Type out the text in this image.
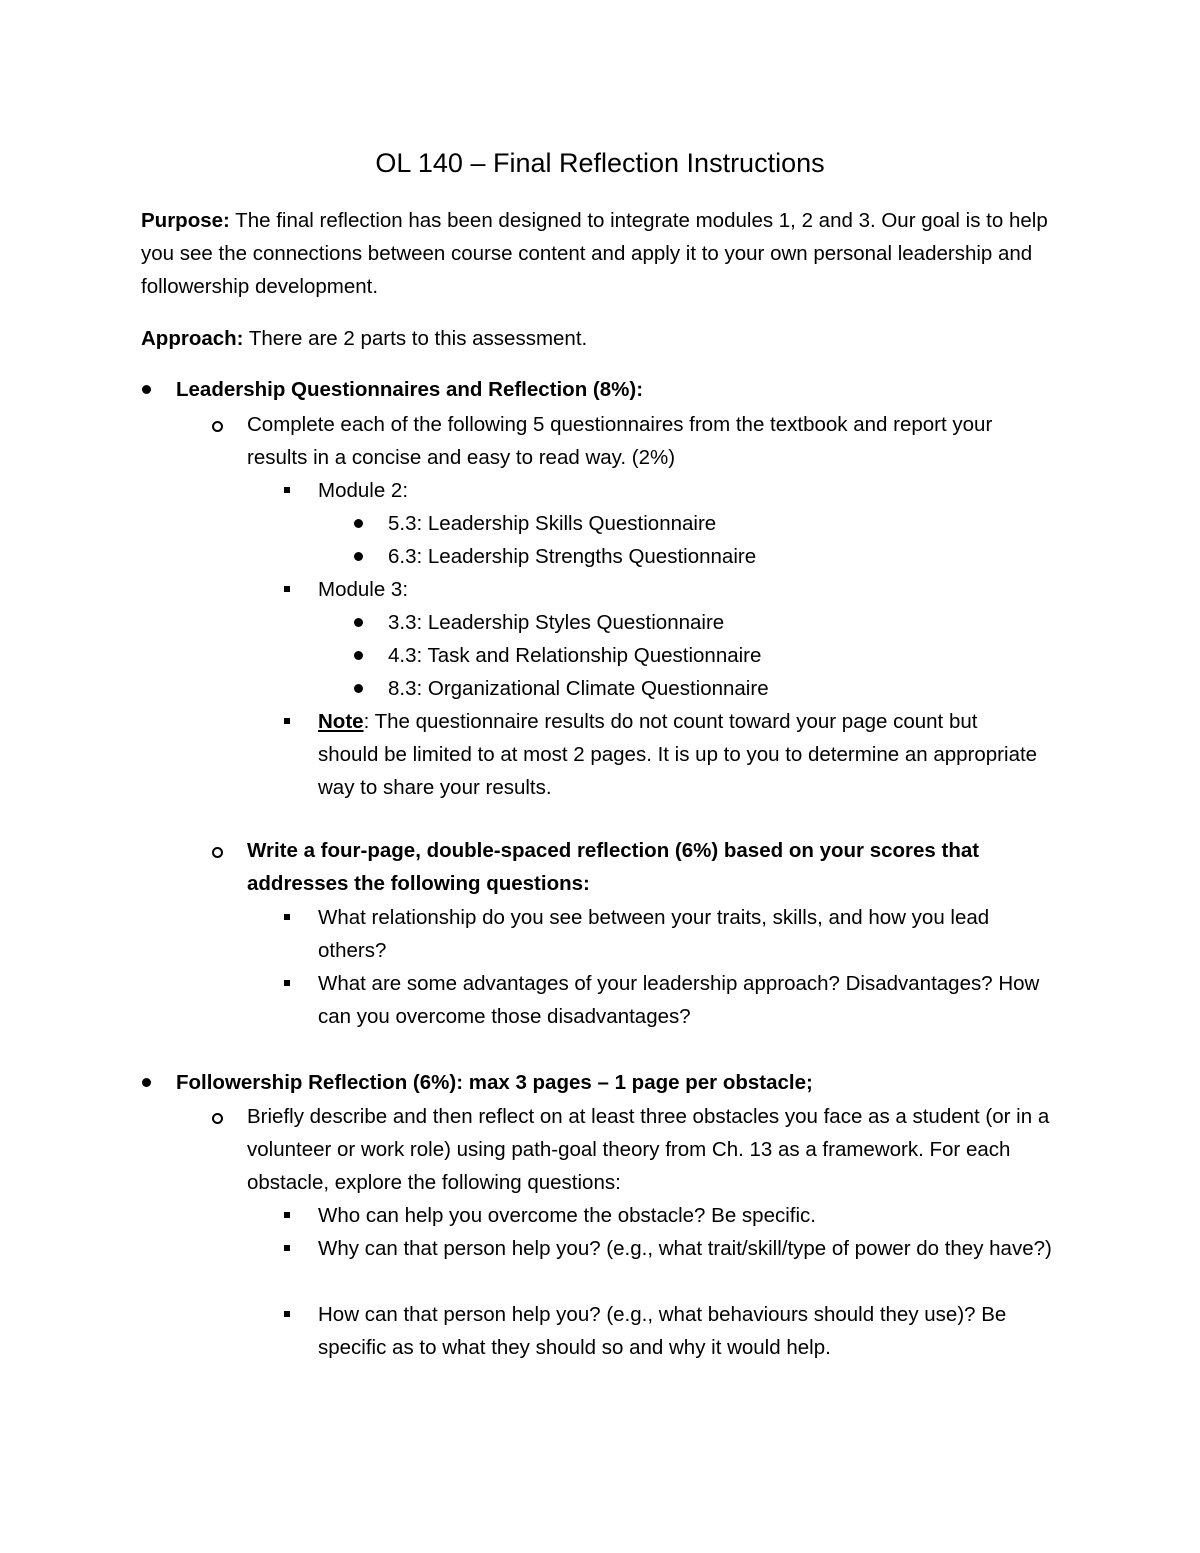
OL 140 – Final Reflection Instructions
Purpose: The final reflection has been designed to integrate modules 1, 2 and 3. Our goal is to help you see the connections between course content and apply it to your own personal leadership and followership development.
Approach: There are 2 parts to this assessment.
Leadership Questionnaires and Reflection (8%):
Complete each of the following 5 questionnaires from the textbook and report your results in a concise and easy to read way. (2%)
Module 2:
5.3: Leadership Skills Questionnaire
6.3: Leadership Strengths Questionnaire
Module 3:
3.3: Leadership Styles Questionnaire
4.3: Task and Relationship Questionnaire
8.3: Organizational Climate Questionnaire
Note: The questionnaire results do not count toward your page count but should be limited to at most 2 pages. It is up to you to determine an appropriate way to share your results.
Write a four-page, double-spaced reflection (6%) based on your scores that addresses the following questions:
What relationship do you see between your traits, skills, and how you lead others?
What are some advantages of your leadership approach? Disadvantages? How can you overcome those disadvantages?
Followership Reflection (6%): max 3 pages – 1 page per obstacle;
Briefly describe and then reflect on at least three obstacles you face as a student (or in a volunteer or work role) using path-goal theory from Ch. 13 as a framework. For each obstacle, explore the following questions:
Who can help you overcome the obstacle? Be specific.
Why can that person help you? (e.g., what trait/skill/type of power do they have?)
How can that person help you? (e.g., what behaviours should they use)? Be specific as to what they should so and why it would help.
